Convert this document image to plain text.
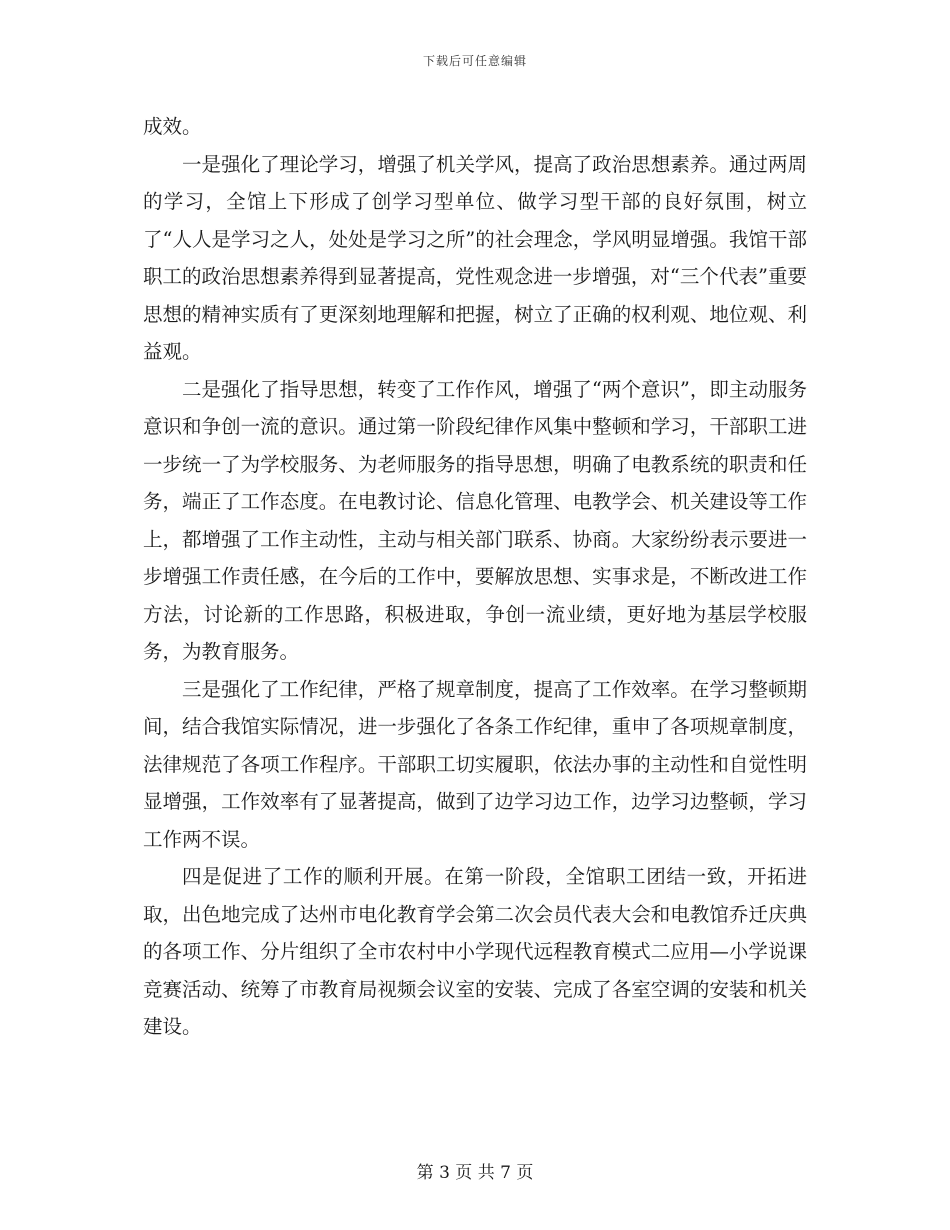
下载后可任意编辑

成效。

一是强化了理论学习，增强了机关学风，提高了政治思想素养。通过两周的学习，全馆上下形成了创学习型单位、做学习型干部的良好氛围，树立了“人人是学习之人，处处是学习之所”的社会理念，学风明显增强。我馆干部职工的政治思想素养得到显著提高，党性观念进一步增强，对“三个代表”重要思想的精神实质有了更深刻地理解和把握，树立了正确的权利观、地位观、利益观。

二是强化了指导思想，转变了工作作风，增强了“两个意识”，即主动服务意识和争创一流的意识。通过第一阶段纪律作风集中整顿和学习，干部职工进一步统一了为学校服务、为老师服务的指导思想，明确了电教系统的职责和任务，端正了工作态度。在电教讨论、信息化管理、电教学会、机关建设等工作上，都增强了工作主动性，主动与相关部门联系、协商。大家纷纷表示要进一步增强工作责任感，在今后的工作中，要解放思想、实事求是，不断改进工作方法，讨论新的工作思路，积极进取，争创一流业绩，更好地为基层学校服务，为教育服务。

三是强化了工作纪律，严格了规章制度，提高了工作效率。在学习整顿期间，结合我馆实际情况，进一步强化了各条工作纪律，重申了各项规章制度，法律规范了各项工作程序。干部职工切实履职，依法办事的主动性和自觉性明显增强，工作效率有了显著提高，做到了边学习边工作，边学习边整顿，学习工作两不误。

四是促进了工作的顺利开展。在第一阶段，全馆职工团结一致，开拓进取，出色地完成了达州市电化教育学会第二次会员代表大会和电教馆乔迁庆典的各项工作、分片组织了全市农村中小学现代远程教育模式二应用—小学说课竞赛活动、统筹了市教育局视频会议室的安装、完成了各室空调的安装和机关建设。

第 3 页 共 7 页
